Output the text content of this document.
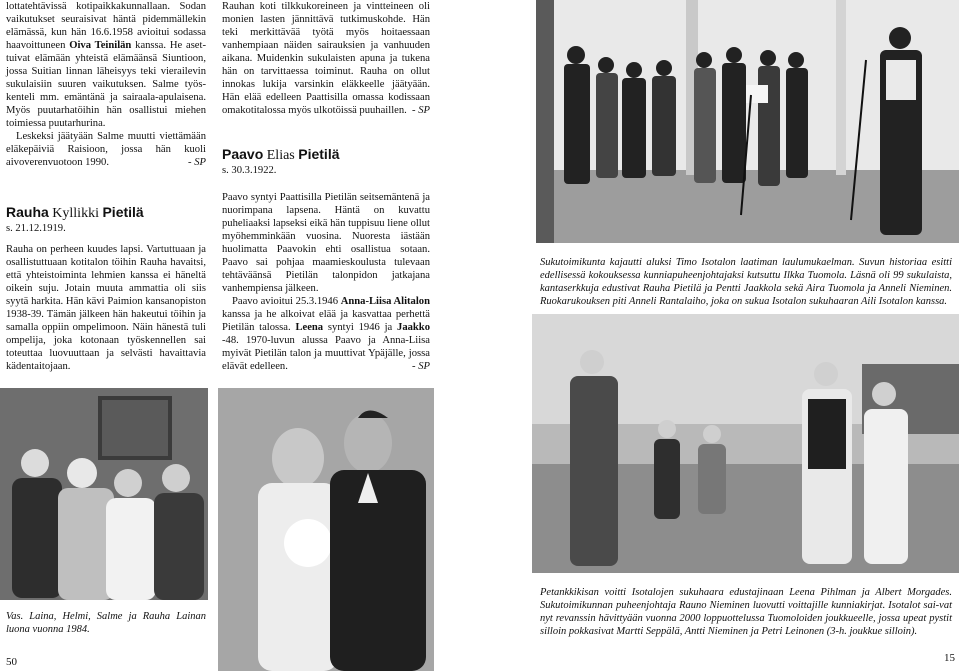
lottatehtävissä kotipaikkakunnallaan. Sodan vaikutukset seuraisivat häntä pidemmällekin elämässä, kun hän 16.6.1958 avioitui sodassa haavoittuneen Oiva Teinilän kanssa. He aset-tuivat elämään yhteistä elämäänsä Siuntioon, jossa Suitian linnan läheisyys teki vierailevin sukulaisiin suuren vaikutuksen. Salme työs-kenteli mm. emäntänä ja sairaala-apulaisena. Myös puutarhatöihin hän osallistui miehen toimiessa puutarhurina.

Leskeksi jäätyään Salme muutti viettämään eläkepäiviä Raisioon, jossa hän kuoli aivoverenvuotoon 1990.	- SP

Rauha Kyllikki Pietilä
s. 21.12.1919.

Rauha on perheen kuudes lapsi. Vartuttuaan ja osallistuttuaan kotitalon töihin Rauha havaitsi, että yhteistoiminta lehmien kanssa ei häneltä oikein suju. Jotain muuta ammattia oli siis syytä harkita. Hän kävi Paimion kansanopiston 1938-39. Tämän jälkeen hän hakeutui töihin ja samalla oppiin ompelimoon. Näin hänestä tuli ompelija, joka kotonaan työskennellen sai toteuttaa luovuuttaan ja selvästi havaittavia kädentaitojaan.

Rauhan koti tilkkukoreineen ja vintteineen oli monien lasten jännittävä tutkimuskohde. Hän teki merkittävää työtä myös hoitaessaan vanhempiaan näiden sairauksien ja vanhuuden aikana. Muidenkin sukulaisten apuna ja tukena hän on tarvittaessa toiminut. Rauha on ollut innokas lukija varsinkin eläkkeelle jäätyään. Hän elää edelleen Paattisilla omassa kodissaan omakotitalossa myös ulkotöissä puuhaillen. - SP

Paavo Elias Pietilä
s. 30.3.1922.

Paavo syntyi Paattisilla Pietilän seitsemäntenä ja nuorimpana lapsena. Häntä on kuvattu puheliaaksi lapseksi eikä hän tuppisuu liene ollut myöhemminkään vuosina. Nuoresta iästään huolimatta Paavokin ehti osallistua sotaan. Paavo sai pohjaa maamieskoulusta tulevaan tehtäväänsä Pietilän talonpidon jatkajana vanhempiensa jälkeen.

Paavo avioitui 25.3.1946 Anna-Liisa Alitalon kanssa ja he alkoivat elää ja kasvattaa perhettä Pietilän talossa. Leena syntyi 1946 ja Jaakko -48. 1970-luvun alussa Paavo ja Anna-Liisa myivät Pietilän talon ja muuttivat Ypäjälle, jossa elävät edelleen.	- SP

Sukutoimikunta kajautti aluksi Timo Isotalon laatiman laulumukaelman. Suvun historiaa esitti edellisessä kokouksessa kunniapuheenjohtajaksi kutsuttu Ilkka Tuomola. Läsnä oli 99 sukulaista, kantaserkkuja edustivat Rauha Pietilä ja Pentti Jaakkola sekä Aira Tuomola ja Anneli Nieminen. Ruokarukouksen piti Anneli Rantalaiho, joka on sukua Isotalon sukuhaaran Aili Isotalon kanssa.
Vas. Laina, Helmi, Salme ja Rauha Lainan luona vuonna 1984.
Petankkikisan voitti Isotalojen sukuhaara edustajinaan Leena Pihlman ja Albert Morgades. Sukutoimikunnan puheenjohtaja Rauno Nieminen luovutti voittajille kunniakirjat. Isotalot sai-vat nyt revanssin hävittyään vuonna 2000 loppuottelussa Tuomoloiden joukkueelle, jossa upeat pystit silloin pokkasivat Martti Seppälä, Antti Nieminen ja Petri Leinonen (3-h. joukkue silloin).
50	15
